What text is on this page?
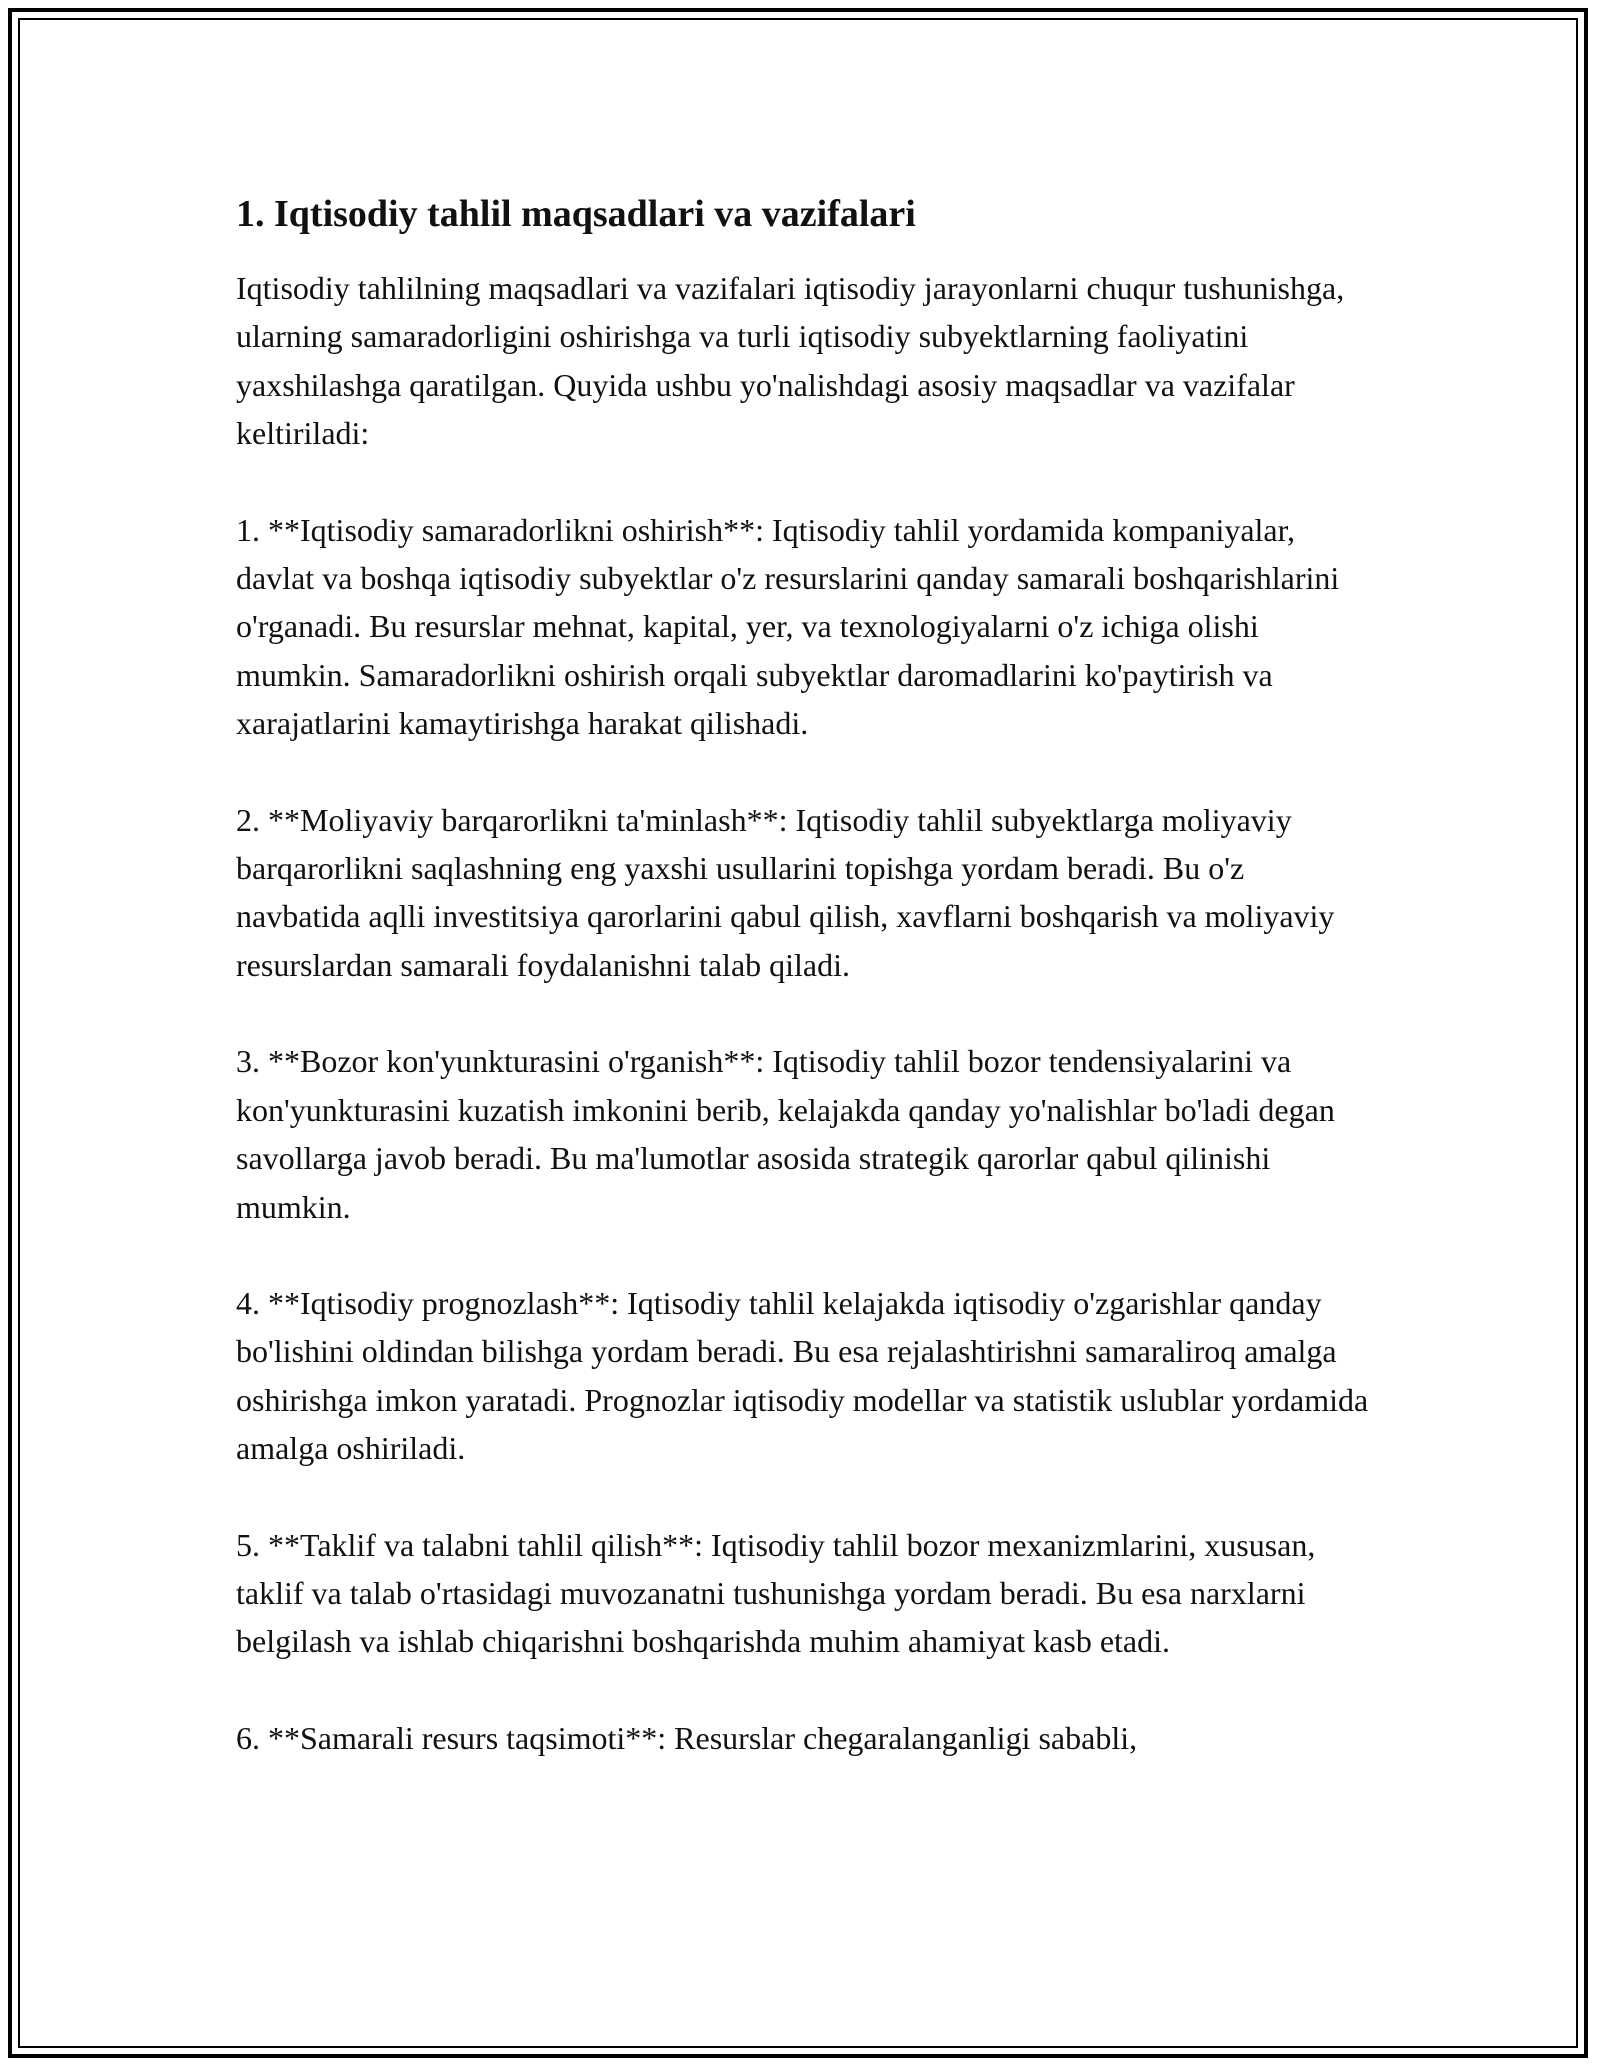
1. Iqtisodiy tahlil maqsadlari va vazifalari

Iqtisodiy tahlilning maqsadlari va vazifalari iqtisodiy jarayonlarni chuqur tushunishga, ularning samaradorligini oshirishga va turli iqtisodiy subyektlarning faoliyatini yaxshilashga qaratilgan. Quyida ushbu yo'nalishdagi asosiy maqsadlar va vazifalar keltiriladi:

1. **Iqtisodiy samaradorlikni oshirish**: Iqtisodiy tahlil yordamida kompaniyalar, davlat va boshqa iqtisodiy subyektlar o'z resurslarini qanday samarali boshqarishlarini o'rganadi. Bu resurslar mehnat, kapital, yer, va texnologiyalarni o'z ichiga olishi mumkin. Samaradorlikni oshirish orqali subyektlar daromadlarini ko'paytirish va xarajatlarini kamaytirishga harakat qilishadi.

2. **Moliyaviy barqarorlikni ta'minlash**: Iqtisodiy tahlil subyektlarga moliyaviy barqarorlikni saqlashning eng yaxshi usullarini topishga yordam beradi. Bu o'z navbatida aqlli investitsiya qarorlarini qabul qilish, xavflarni boshqarish va moliyaviy resurslardan samarali foydalanishni talab qiladi.

3. **Bozor kon'yunkturasini o'rganish**: Iqtisodiy tahlil bozor tendensiyalarini va kon'yunkturasini kuzatish imkonini berib, kelajakda qanday yo'nalishlar bo'ladi degan savollarga javob beradi. Bu ma'lumotlar asosida strategik qarorlar qabul qilinishi mumkin.

4. **Iqtisodiy prognozlash**: Iqtisodiy tahlil kelajakda iqtisodiy o'zgarishlar qanday bo'lishini oldindan bilishga yordam beradi. Bu esa rejalashtirishni samaraliroq amalga oshirishga imkon yaratadi. Prognozlar iqtisodiy modellar va statistik uslublar yordamida amalga oshiriladi.

5. **Taklif va talabni tahlil qilish**: Iqtisodiy tahlil bozor mexanizmlarini, xususan, taklif va talab o'rtasidagi muvozanatni tushunishga yordam beradi. Bu esa narxlarni belgilash va ishlab chiqarishni boshqarishda muhim ahamiyat kasb etadi.

6. **Samarali resurs taqsimoti**: Resurslar chegaralanganligi sababli,
